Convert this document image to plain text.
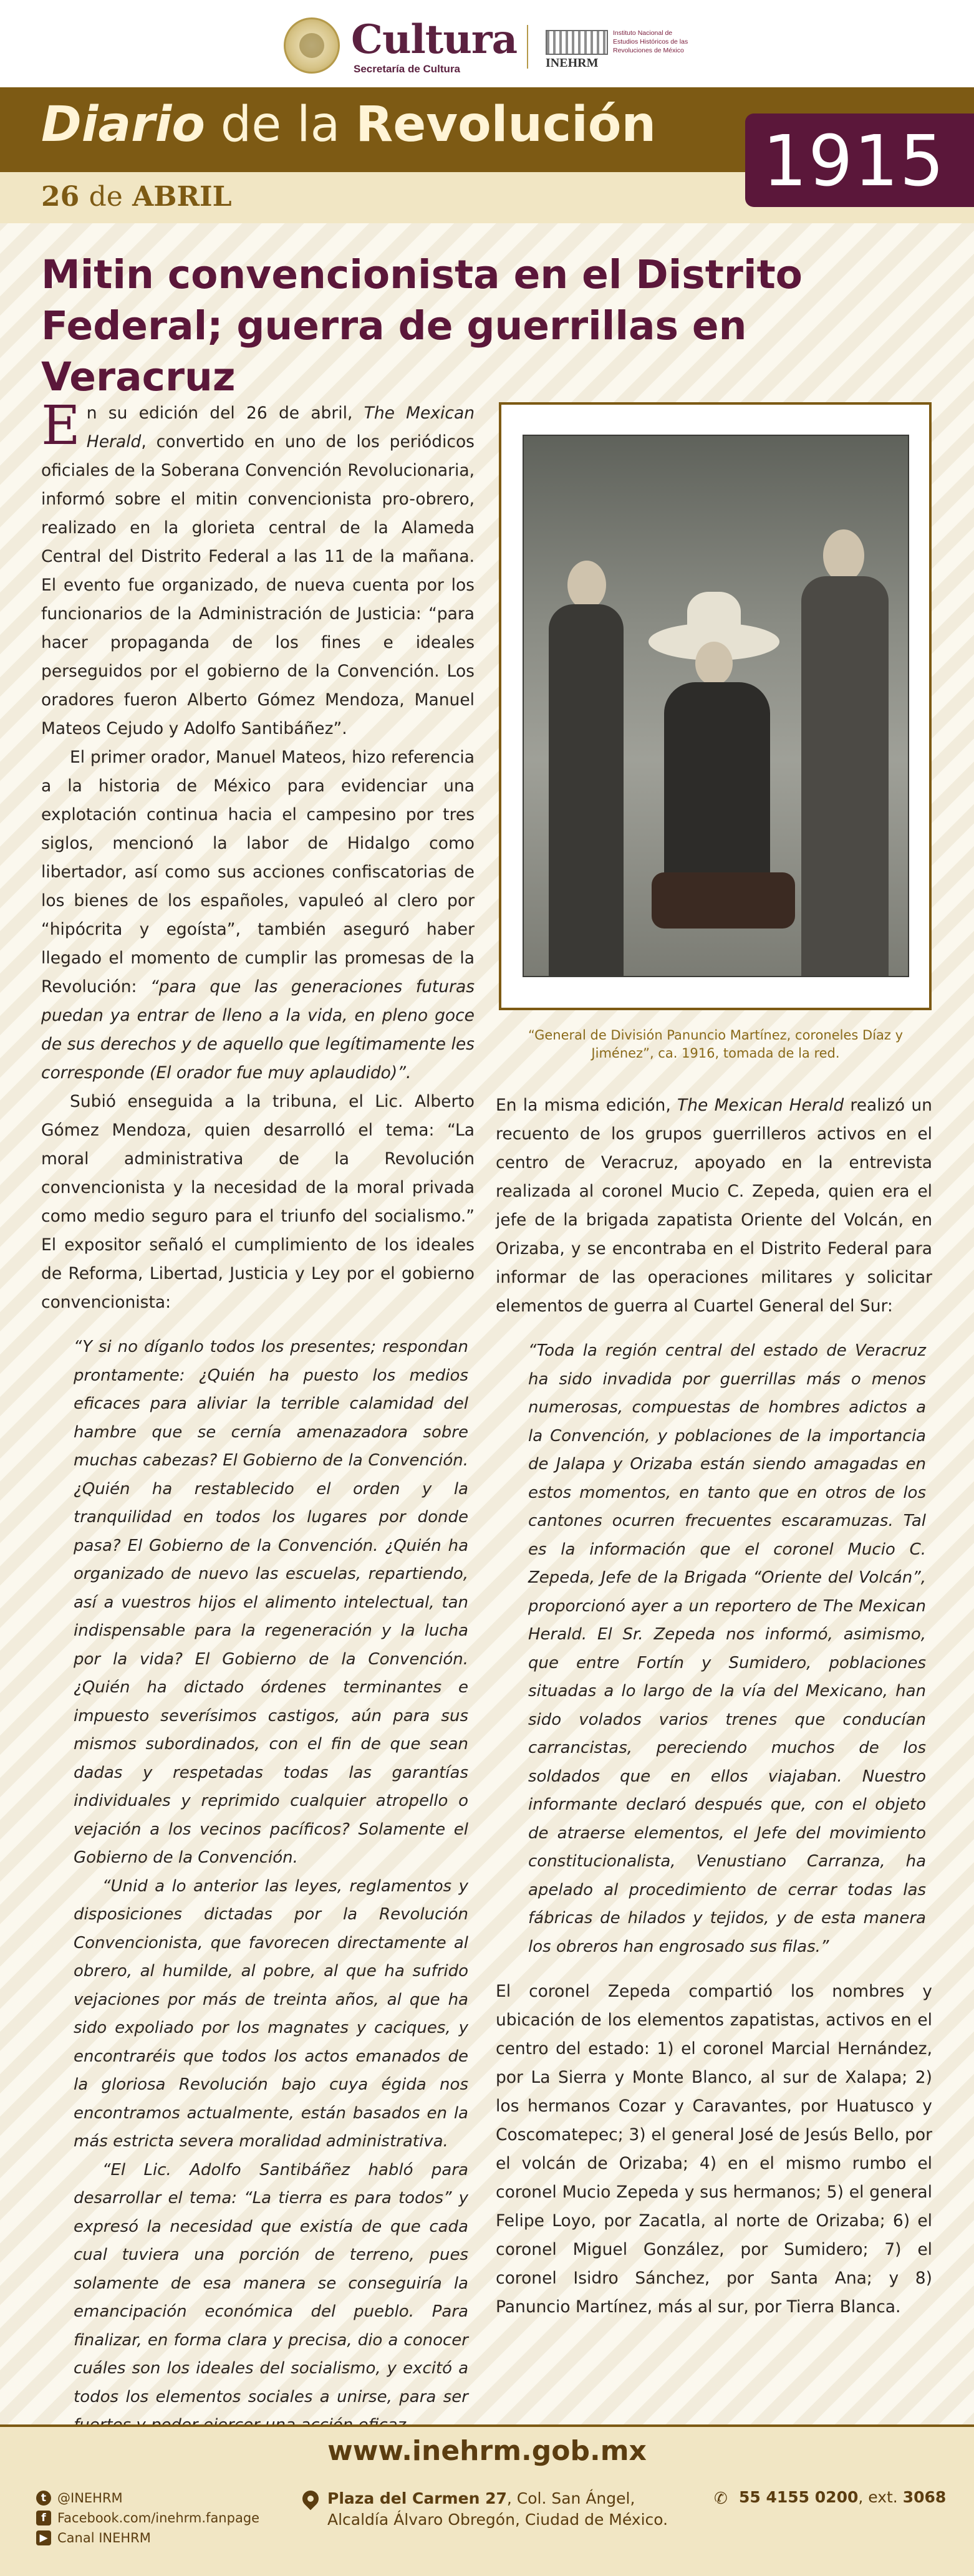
Cultura
Secretaría de Cultura	INEHRM
Instituto Nacional de Estudios Históricos de las Revoluciones de México
Diario de la Revolución
26 de ABRIL	1915
Mitin convencionista en el Distrito Federal; guerra de guerrillas en Veracruz

En su edición del 26 de abril, The Mexican Herald, convertido en uno de los periódicos oficiales de la Soberana Convención Revolucionaria, informó sobre el mitin convencionista pro-obrero, realizado en la glorieta central de la Alameda Central del Distrito Federal a las 11 de la mañana. El evento fue organizado, de nueva cuenta por los funcionarios de la Administración de Justicia: “para hacer propaganda de los fines e ideales perseguidos por el gobierno de la Convención. Los oradores fueron Alberto Gómez Mendoza, Manuel Mateos Cejudo y Adolfo Santibáñez”.

El primer orador, Manuel Mateos, hizo referencia a la historia de México para evidenciar una explotación continua hacia el campesino por tres siglos, mencionó la labor de Hidalgo como libertador, así como sus acciones confiscatorias de los bienes de los españoles, vapuleó al clero por “hipócrita y egoísta”, también aseguró haber llegado el momento de cumplir las promesas de la Revolución: “para que las generaciones futuras puedan ya entrar de lleno a la vida, en pleno goce de sus derechos y de aquello que legítimamente les corresponde (El orador fue muy aplaudido)”.

Subió enseguida a la tribuna, el Lic. Alberto Gómez Mendoza, quien desarrolló el tema: “La moral administrativa de la Revolución convencionista y la necesidad de la moral privada como medio seguro para el triunfo del socialismo.” El expositor señaló el cumplimiento de los ideales de Reforma, Libertad, Justicia y Ley por el gobierno convencionista:

“Y si no díganlo todos los presentes; respondan prontamente: ¿Quién ha puesto los medios eficaces para aliviar la terrible calamidad del hambre que se cernía amenazadora sobre muchas cabezas? El Gobierno de la Convención. ¿Quién ha restablecido el orden y la tranquilidad en todos los lugares por donde pasa? El Gobierno de la Convención. ¿Quién ha organizado de nuevo las escuelas, repartiendo, así a vuestros hijos el alimento intelectual, tan indispensable para la regeneración y la lucha por la vida? El Gobierno de la Convención. ¿Quién ha dictado órdenes terminantes e impuesto severísimos castigos, aún para sus mismos subordinados, con el fin de que sean dadas y respetadas todas las garantías individuales y reprimido cualquier atropello o vejación a los vecinos pacíficos? Solamente el Gobierno de la Convención.

“Unid a lo anterior las leyes, reglamentos y disposiciones dictadas por la Revolución Convencionista, que favorecen directamente al obrero, al humilde, al pobre, al que ha sufrido vejaciones por más de treinta años, al que ha sido expoliado por los magnates y caciques, y encontraréis que todos los actos emanados de la gloriosa Revolución bajo cuya égida nos encontramos actualmente, están basados en la más estricta severa moralidad administrativa.

“El Lic. Adolfo Santibáñez habló para desarrollar el tema: “La tierra es para todos” y expresó la necesidad que existía de que cada cual tuviera una porción de terreno, pues solamente de esa manera se conseguiría la emancipación económica del pueblo. Para finalizar, en forma clara y precisa, dio a conocer cuáles son los ideales del socialismo, y excitó a todos los elementos sociales a unirse, para ser

“General de División Panuncio Martínez, coroneles Díaz y Jiménez”, ca. 1916, tomada de la red.

En la misma edición, The Mexican Herald realizó un recuento de los grupos guerrilleros activos en el centro de Veracruz, apoyado en la entrevista realizada al coronel Mucio C. Zepeda, quien era el jefe de la brigada zapatista Oriente del Volcán, en Orizaba, y se encontraba en el Distrito Federal para informar de las operaciones militares y solicitar elementos de guerra al Cuartel General del Sur:

“Toda la región central del estado de Veracruz ha sido invadida por guerrillas más o menos numerosas, compuestas de hombres adictos a la Convención, y poblaciones de la importancia de Jalapa y Orizaba están siendo amagadas en estos momentos, en tanto que en otros de los cantones ocurren frecuentes escaramuzas. Tal es la información que el coronel Mucio C. Zepeda, Jefe de la Brigada “Oriente del Volcán”, proporcionó ayer a un reportero de The Mexican Herald. El Sr. Zepeda nos informó, asimismo, que entre Fortín y Sumidero, poblaciones situadas a lo largo de la vía del Mexicano, han sido volados varios trenes que conducían carrancistas, pereciendo muchos de los soldados que en ellos viajaban. Nuestro informante declaró después que, con el objeto de atraerse elementos, el Jefe del movimiento constitucionalista, Venustiano Carranza, ha apelado al procedimiento de cerrar todas las fábricas de hilados y tejidos, y de esta manera los obreros han engrosado sus filas.”

El coronel Zepeda compartió los nombres y ubicación de los elementos zapatistas, activos en el centro del estado: 1) el coronel Marcial Hernández, por La Sierra y Monte Blanco, al sur de Xalapa; 2) los hermanos Cozar y Caravantes, por Huatusco y Coscomatepec; 3) el general José de Jesús Bello, por el volcán de Orizaba; 4) en el mismo rumbo el coronel Mucio Zepeda y sus hermanos; 5) el general Felipe Loyo, por Zacatla, al norte de Orizaba; 6) el coronel Miguel González, por Sumidero; 7) el coronel Isidro Sánchez, por Santa Ana; y 8) Panuncio Martínez, más al sur, por Tierra Blanca.

www.inehrm.gob.mx
t @INEHRM
f Facebook.com/inehrm.fanpage
▶ Canal INEHRM
Plaza del Carmen 27, Col. San Ángel,
Alcaldía Álvaro Obregón, Ciudad de México.
✆ 55 4155 0200, ext. 3068
